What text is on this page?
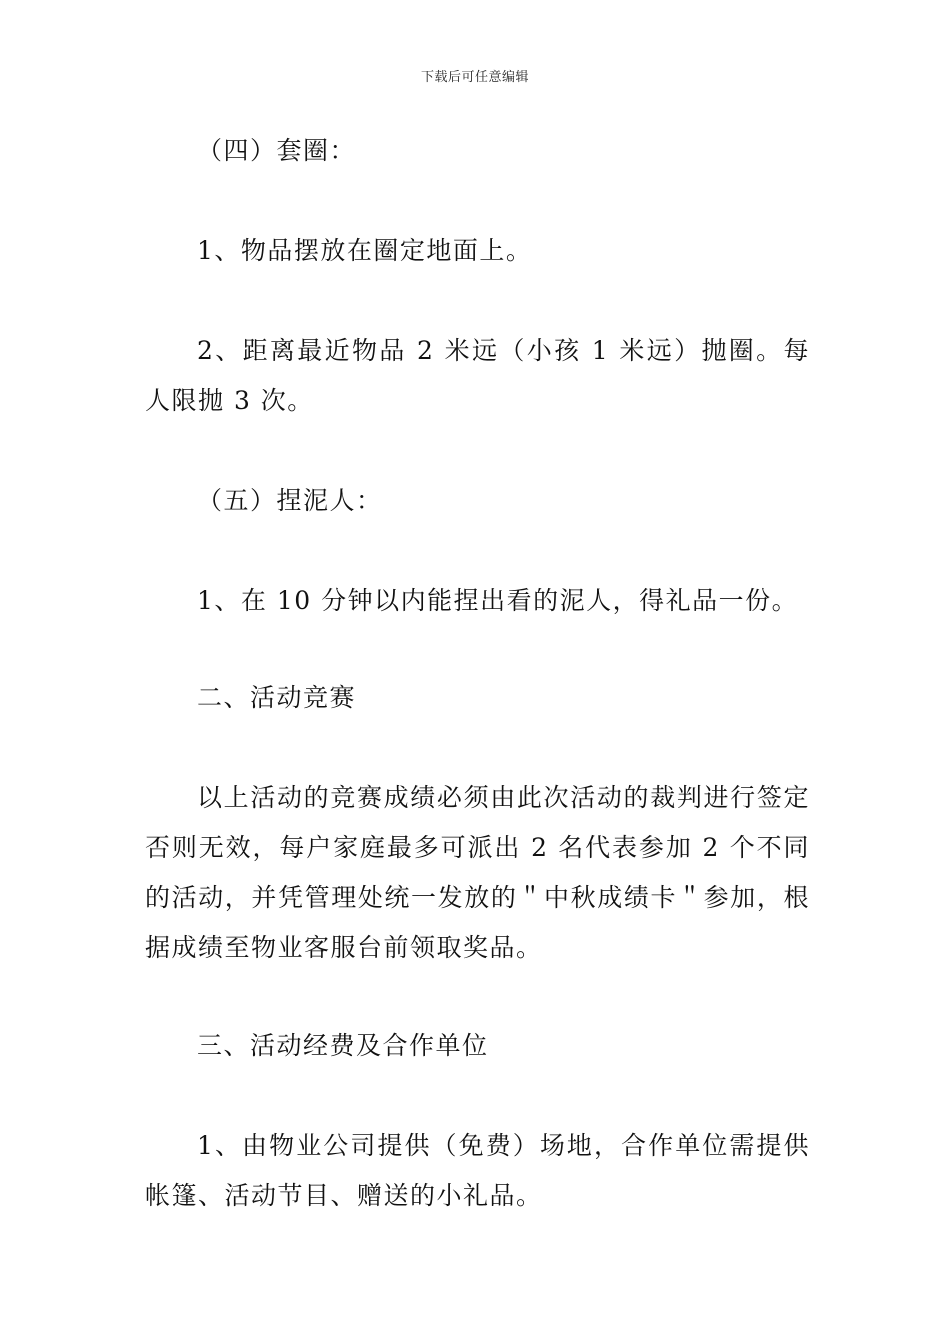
下载后可任意编辑

（四）套圈：

1、物品摆放在圈定地面上。

2、距离最近物品 2 米远（小孩 1 米远）抛圈。每人限抛 3 次。

（五）捏泥人：

1、在 10 分钟以内能捏出看的泥人，得礼品一份。

二、活动竞赛

以上活动的竞赛成绩必须由此次活动的裁判进行签定否则无效，每户家庭最多可派出 2 名代表参加 2 个不同的活动，并凭管理处统一发放的＂中秋成绩卡＂参加，根据成绩至物业客服台前领取奖品。

三、活动经费及合作单位

1、由物业公司提供（免费）场地，合作单位需提供帐篷、活动节目、赠送的小礼品。
